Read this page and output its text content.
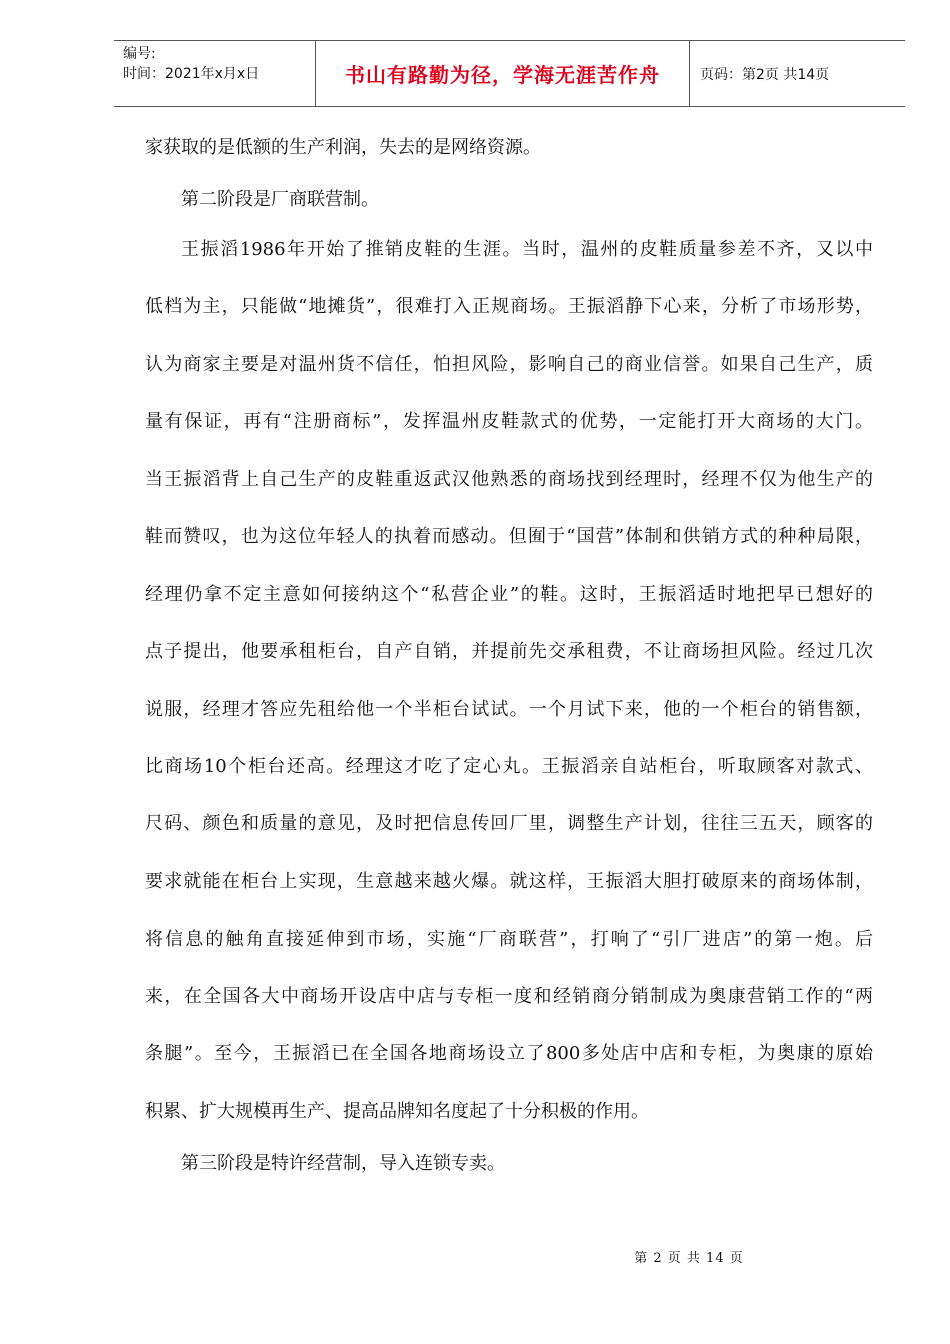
编号:
时间：2021年x月x日	书山有路勤为径，学海无涯苦作舟	页码：第2页 共14页
家获取的是低额的生产利润，失去的是网络资源。
第二阶段是厂商联营制。
王振滔1986年开始了推销皮鞋的生涯。当时，温州的皮鞋质量参差不齐，又以中
低档为主，只能做“地摊货”，很难打入正规商场。王振滔静下心来，分析了市场形势，
认为商家主要是对温州货不信任，怕担风险，影响自己的商业信誉。如果自己生产，质
量有保证，再有“注册商标”，发挥温州皮鞋款式的优势，一定能打开大商场的大门。
当王振滔背上自己生产的皮鞋重返武汉他熟悉的商场找到经理时，经理不仅为他生产的
鞋而赞叹，也为这位年轻人的执着而感动。但囿于“国营”体制和供销方式的种种局限，
经理仍拿不定主意如何接纳这个“私营企业”的鞋。这时，王振滔适时地把早已想好的
点子提出，他要承租柜台，自产自销，并提前先交承租费，不让商场担风险。经过几次
说服，经理才答应先租给他一个半柜台试试。一个月试下来，他的一个柜台的销售额，
比商场10个柜台还高。经理这才吃了定心丸。王振滔亲自站柜台，听取顾客对款式、
尺码、颜色和质量的意见，及时把信息传回厂里，调整生产计划，往往三五天，顾客的
要求就能在柜台上实现，生意越来越火爆。就这样，王振滔大胆打破原来的商场体制，
将信息的触角直接延伸到市场，实施“厂商联营”，打响了“引厂进店”的第一炮。后
来，在全国各大中商场开设店中店与专柜一度和经销商分销制成为奥康营销工作的“两
条腿”。至今，王振滔已在全国各地商场设立了800多处店中店和专柜，为奥康的原始
积累、扩大规模再生产、提高品牌知名度起了十分积极的作用。
第三阶段是特许经营制，导入连锁专卖。
第 2 页 共 14 页
